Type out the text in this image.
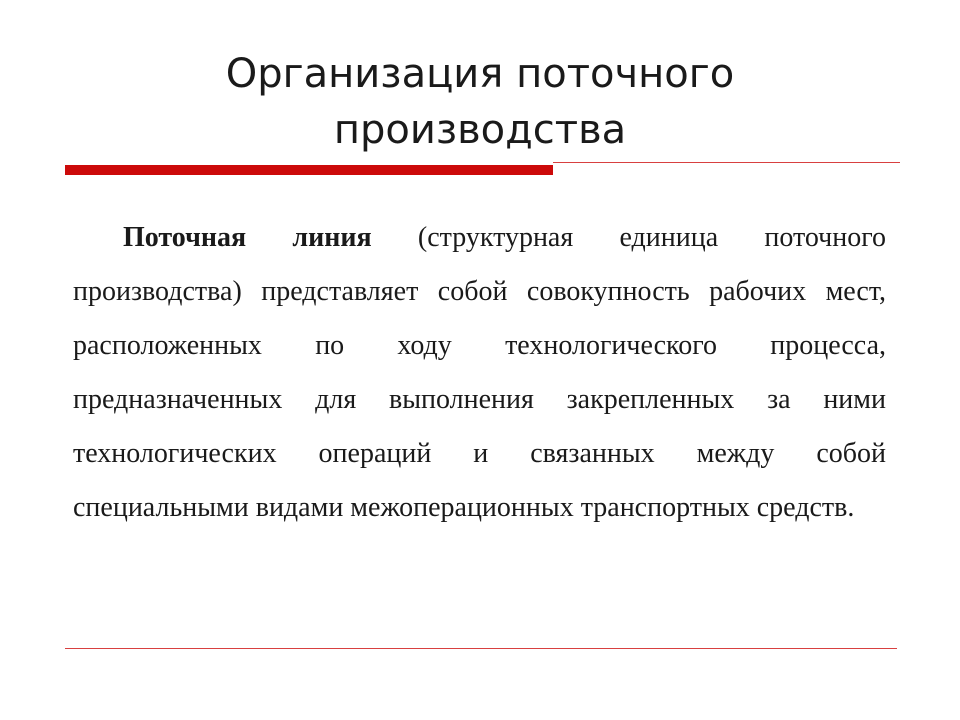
Организация поточного
производства

Поточная линия (структурная единица поточного производства) представляет собой совокупность рабочих мест, расположенных по ходу технологического процесса, предназначенных для выполнения закрепленных за ними технологических операций и связанных между собой специальными видами межоперационных транспортных средств.
